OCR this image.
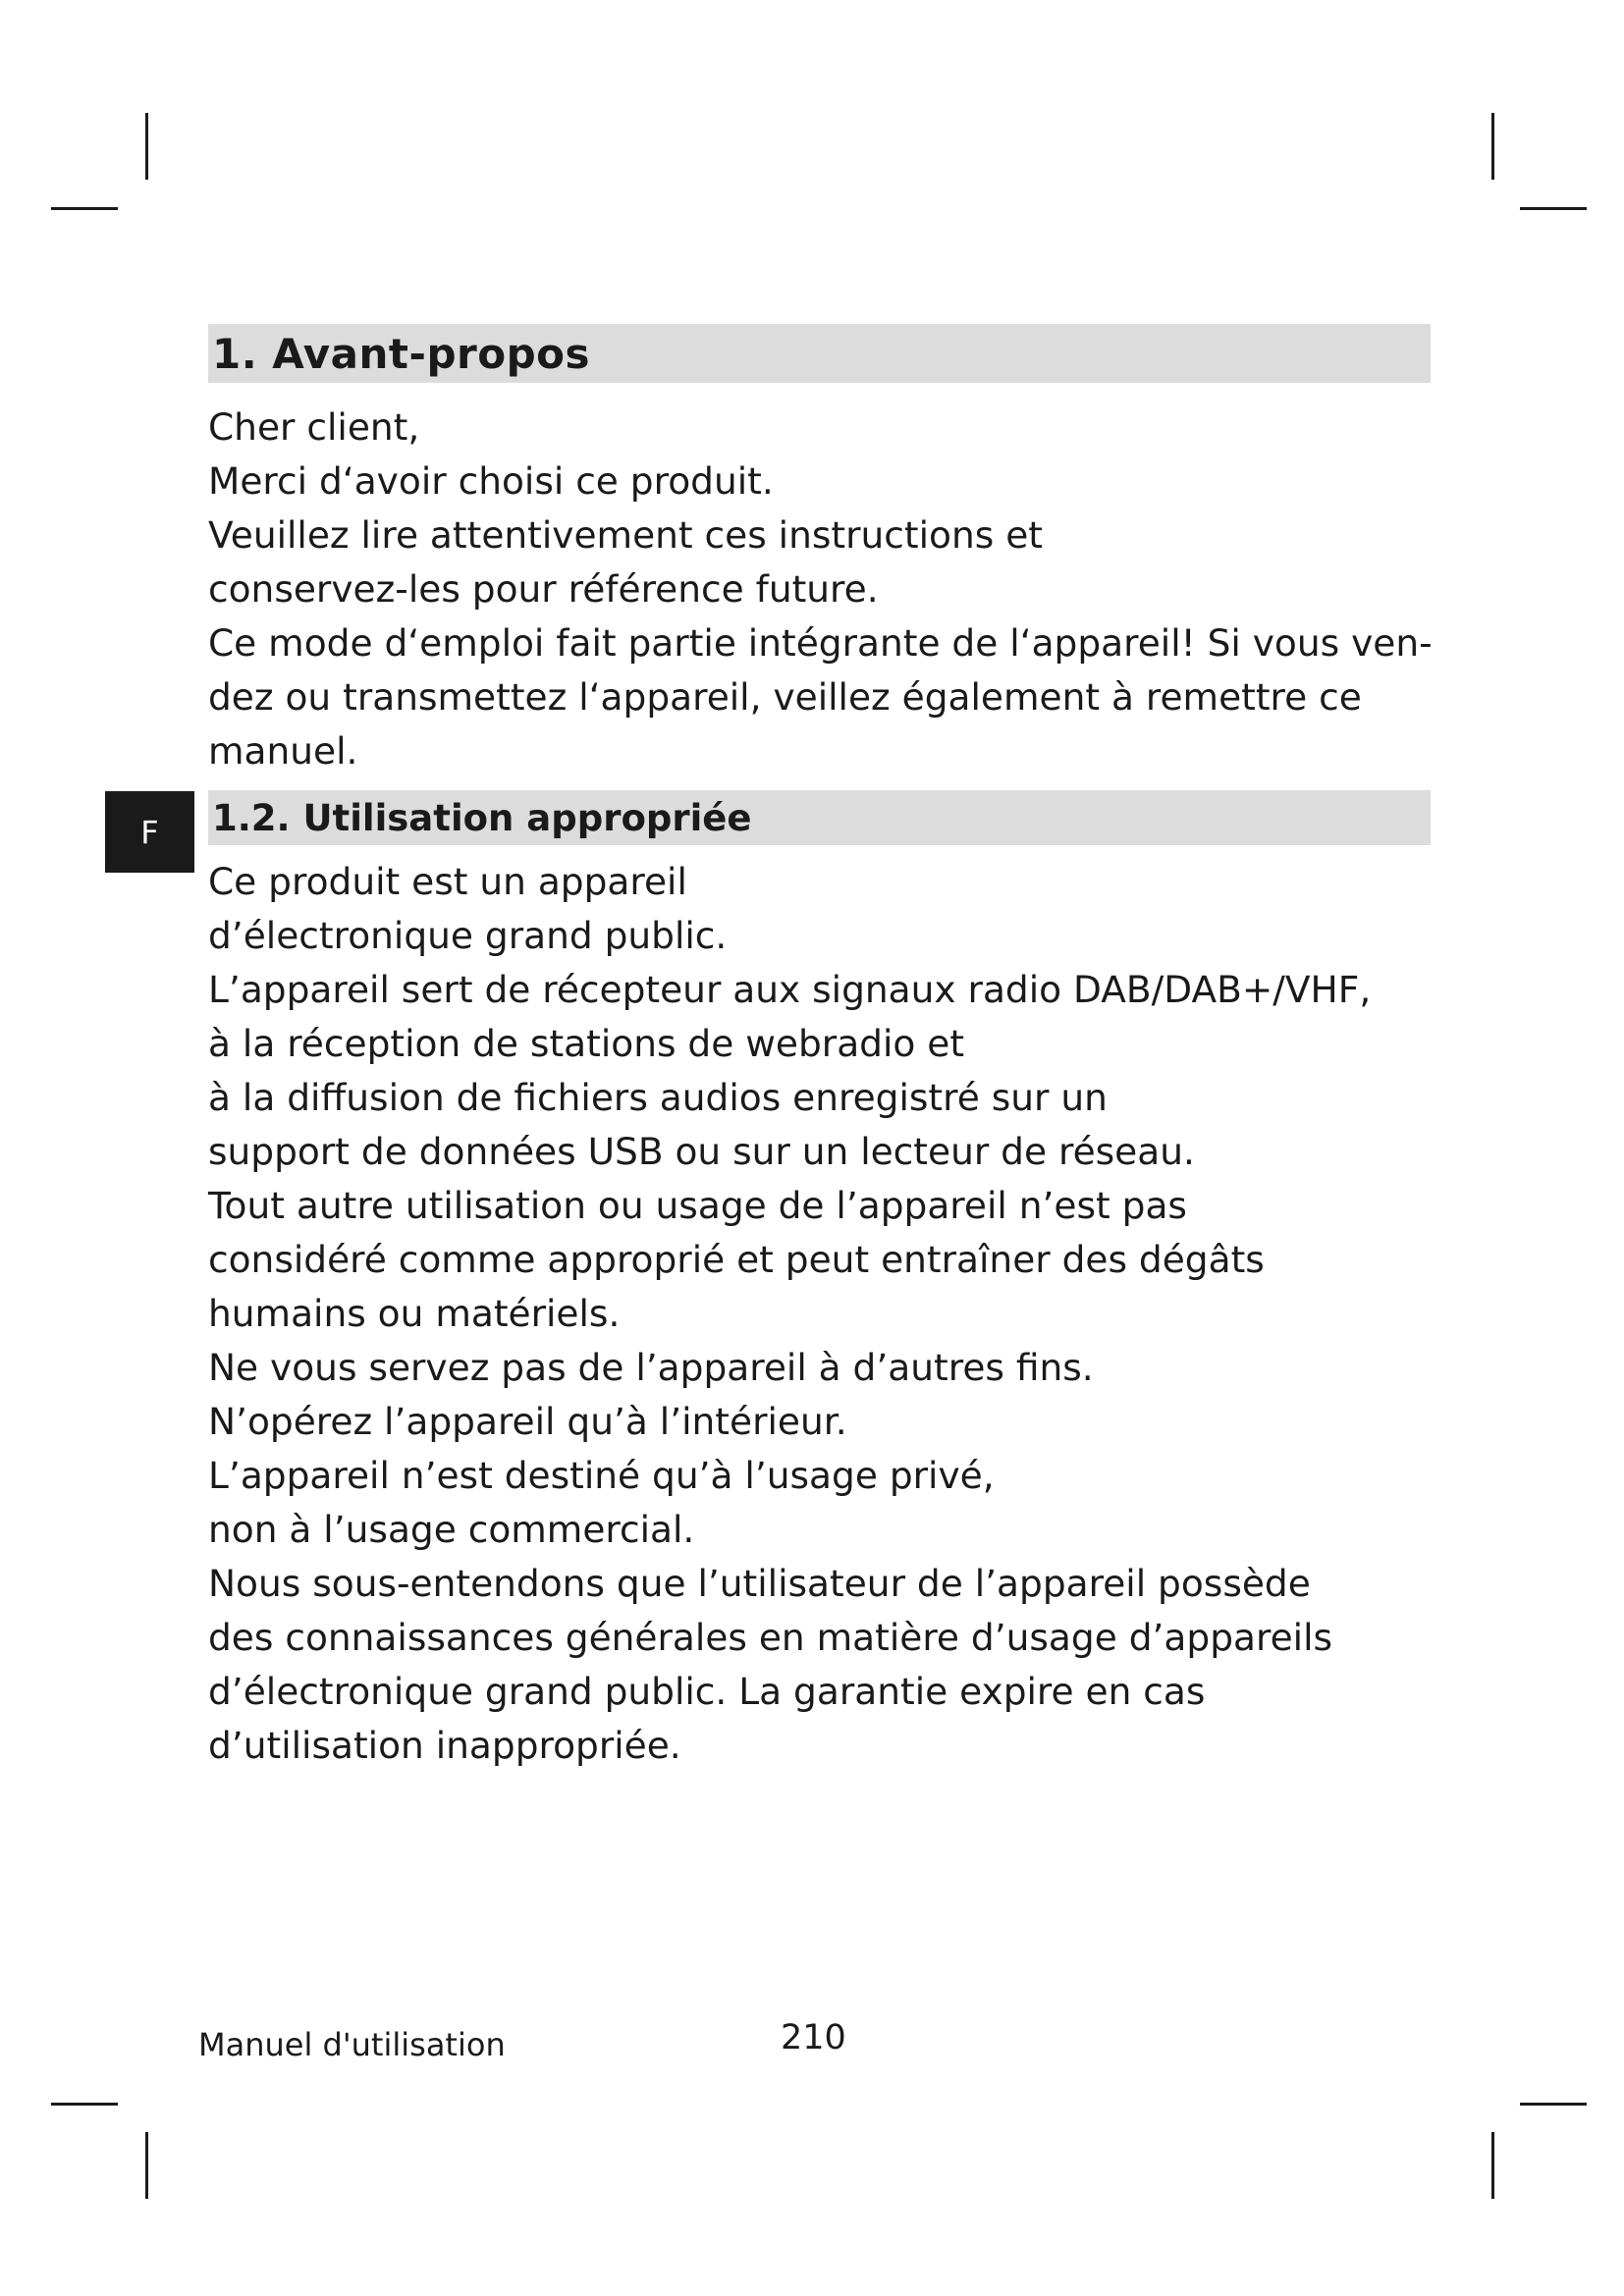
F
1. Avant-propos
Cher client,
Merci d‘avoir choisi ce produit.
Veuillez lire attentivement ces instructions et
conservez-les pour référence future.
Ce mode d‘emploi fait partie intégrante de l‘appareil! Si vous ven-
dez ou transmettez l‘appareil, veillez également à remettre ce
manuel.
1.2. Utilisation appropriée
Ce produit est un appareil
d’électronique grand public.
L’appareil sert de récepteur aux signaux radio DAB/DAB+/VHF,
à la réception de stations de webradio et
à la diffusion de fichiers audios enregistré sur un
support de données USB ou sur un lecteur de réseau.
Tout autre utilisation ou usage de l’appareil n’est pas
considéré comme approprié et peut entraîner des dégâts
humains ou matériels.
Ne vous servez pas de l’appareil à d’autres fins.
N’opérez l’appareil qu’à l’intérieur.
L’appareil n’est destiné qu’à l’usage privé,
non à l’usage commercial.
Nous sous-entendons que l’utilisateur de l’appareil possède
des connaissances générales en matière d’usage d’appareils
d’électronique grand public. La garantie expire en cas
d’utilisation inappropriée.
Manuel d'utilisation	210
